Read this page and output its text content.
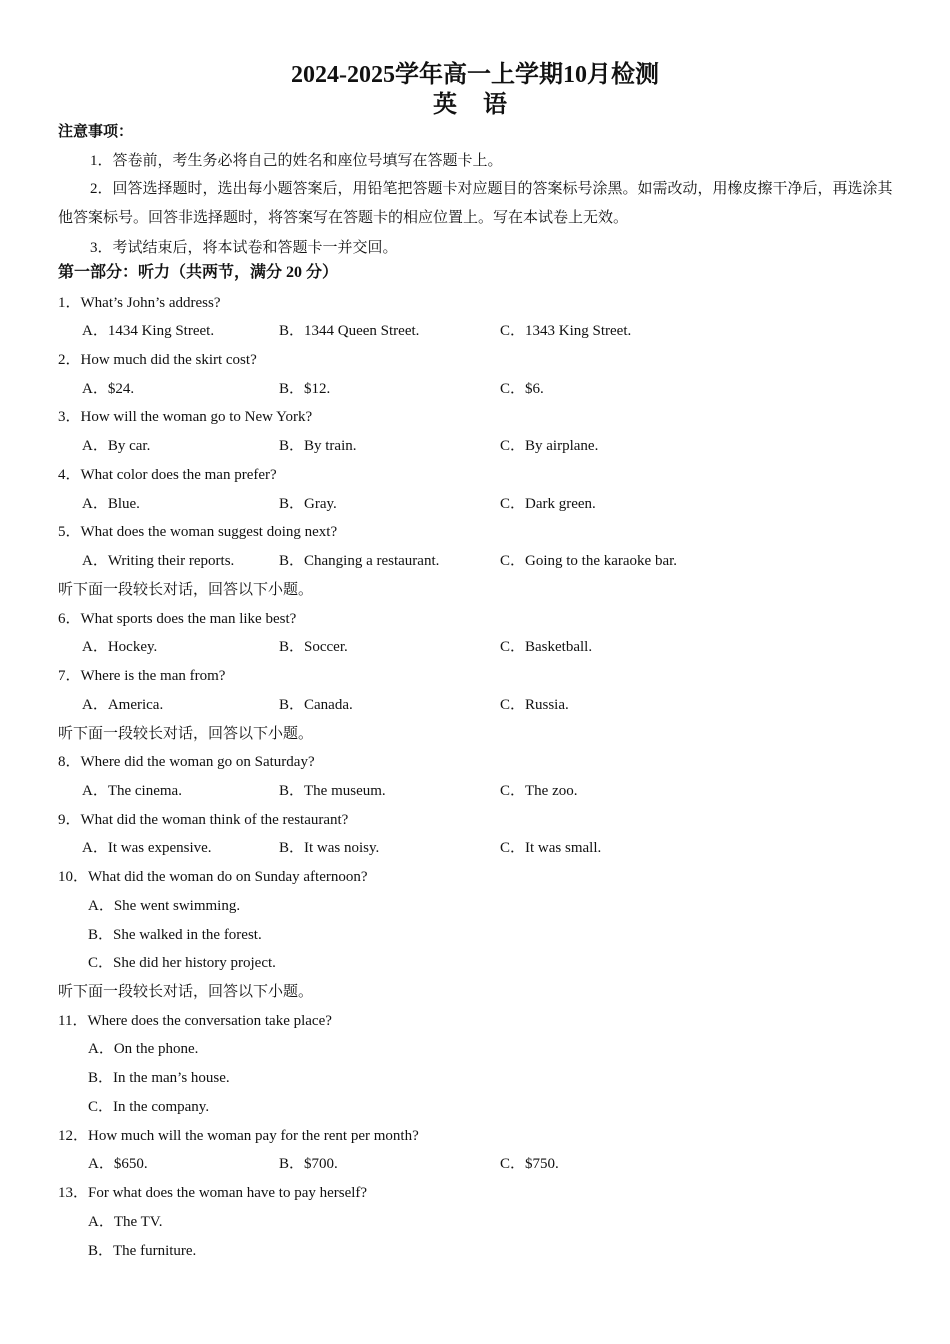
2024-2025学年高一上学期10月检测
英 语
注意事项：
1．答卷前，考生务必将自己的姓名和座位号填写在答题卡上。
2．回答选择题时，选出每小题答案后，用铅笔把答题卡对应题目的答案标号涂黑。如需改动，用橡皮擦干净后，再选涂其他答案标号。回答非选择题时，将答案写在答题卡的相应位置上。写在本试卷上无效。
3．考试结束后，将本试卷和答题卡一并交回。
第一部分：听力（共两节，满分 20 分）
1．What’s John’s address?
A．1434 King Street.	B．1344 Queen Street.	C．1343 King Street.
2．How much did the skirt cost?
A．$24.	B．$12.	C．$6.
3．How will the woman go to New York?
A．By car.	B．By train.	C．By airplane.
4．What color does the man prefer?
A．Blue.	B．Gray.	C．Dark green.
5．What does the woman suggest doing next?
A．Writing their reports.	B．Changing a restaurant.	C．Going to the karaoke bar.
听下面一段较长对话，回答以下小题。
6．What sports does the man like best?
A．Hockey.	B．Soccer.	C．Basketball.
7．Where is the man from?
A．America.	B．Canada.	C．Russia.
听下面一段较长对话，回答以下小题。
8．Where did the woman go on Saturday?
A．The cinema.	B．The museum.	C．The zoo.
9．What did the woman think of the restaurant?
A．It was expensive.	B．It was noisy.	C．It was small.
10．What did the woman do on Sunday afternoon?
A．She went swimming.
B．She walked in the forest.
C．She did her history project.
听下面一段较长对话，回答以下小题。
11．Where does the conversation take place?
A．On the phone.
B．In the man’s house.
C．In the company.
12．How much will the woman pay for the rent per month?
A．$650.	B．$700.	C．$750.
13．For what does the woman have to pay herself?
A．The TV.
B．The furniture.
